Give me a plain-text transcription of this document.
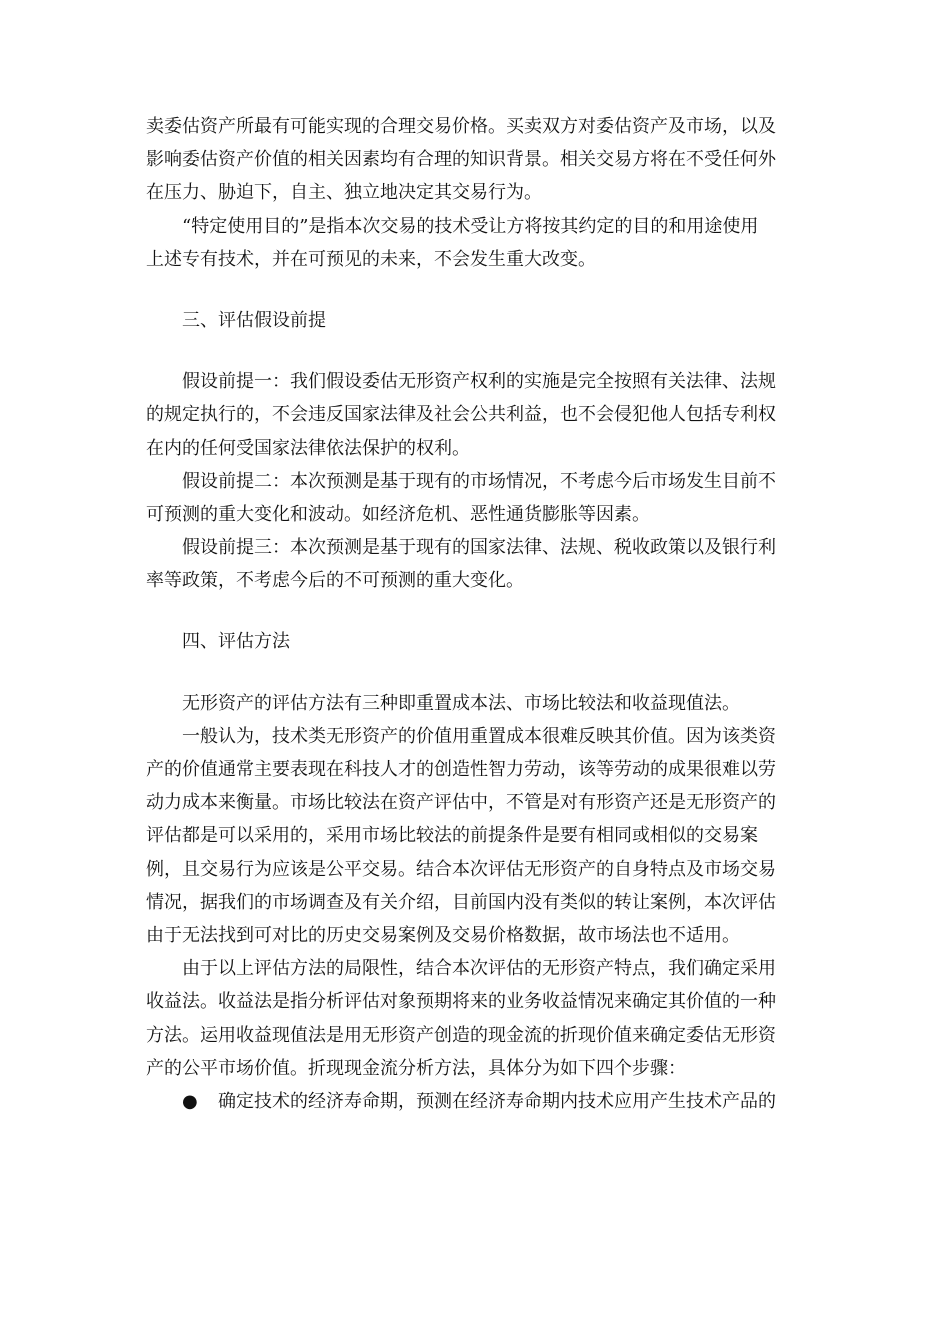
卖委估资产所最有可能实现的合理交易价格。买卖双方对委估资产及市场，以及
影响委估资产价值的相关因素均有合理的知识背景。相关交易方将在不受任何外
在压力、胁迫下，自主、独立地决定其交易行为。
“特定使用目的”是指本次交易的技术受让方将按其约定的目的和用途使用
上述专有技术，并在可预见的未来，不会发生重大改变。
三、评估假设前提
假设前提一：我们假设委估无形资产权利的实施是完全按照有关法律、法规
的规定执行的，不会违反国家法律及社会公共利益，也不会侵犯他人包括专利权
在内的任何受国家法律依法保护的权利。
假设前提二：本次预测是基于现有的市场情况，不考虑今后市场发生目前不
可预测的重大变化和波动。如经济危机、恶性通货膨胀等因素。
假设前提三：本次预测是基于现有的国家法律、法规、税收政策以及银行利
率等政策，不考虑今后的不可预测的重大变化。
四、评估方法
无形资产的评估方法有三种即重置成本法、市场比较法和收益现值法。
一般认为，技术类无形资产的价值用重置成本很难反映其价值。因为该类资
产的价值通常主要表现在科技人才的创造性智力劳动，该等劳动的成果很难以劳
动力成本来衡量。市场比较法在资产评估中，不管是对有形资产还是无形资产的
评估都是可以采用的，采用市场比较法的前提条件是要有相同或相似的交易案
例，且交易行为应该是公平交易。结合本次评估无形资产的自身特点及市场交易
情况，据我们的市场调查及有关介绍，目前国内没有类似的转让案例，本次评估
由于无法找到可对比的历史交易案例及交易价格数据，故市场法也不适用。
由于以上评估方法的局限性，结合本次评估的无形资产特点，我们确定采用
收益法。收益法是指分析评估对象预期将来的业务收益情况来确定其价值的一种
方法。运用收益现值法是用无形资产创造的现金流的折现价值来确定委估无形资
产的公平市场价值。折现现金流分析方法，具体分为如下四个步骤：
● 确定技术的经济寿命期，预测在经济寿命期内技术应用产生技术产品的
